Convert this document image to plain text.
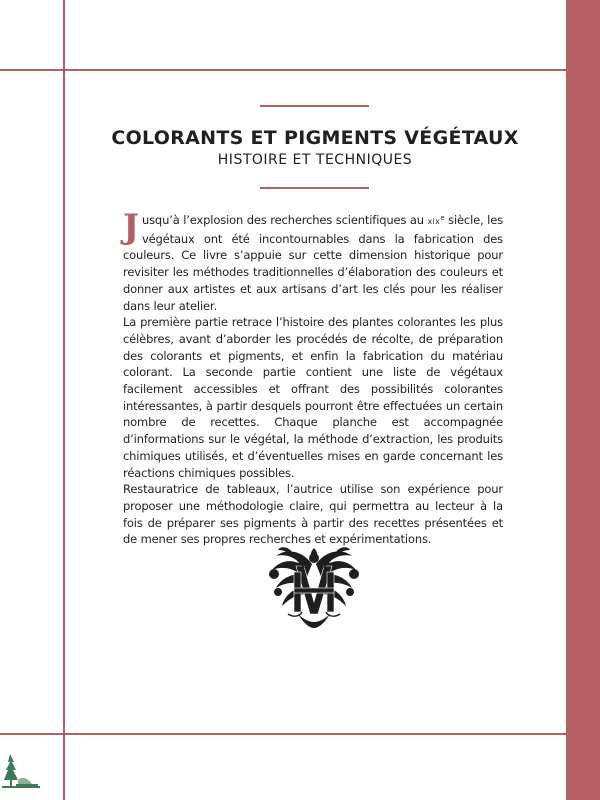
COLORANTS ET PIGMENTS VÉGÉTAUX
HISTOIRE ET TECHNIQUES

Jusqu’à l’explosion des recherches scientifiques au xix$^e$ siècle, les végétaux ont été incontournables dans la fabrication des couleurs. Ce livre s’appuie sur cette dimension historique pour revisiter les méthodes traditionnelles d’élaboration des couleurs et donner aux artistes et aux artisans d’art les clés pour les réaliser dans leur atelier.

La première partie retrace l’histoire des plantes colorantes les plus célèbres, avant d’aborder les procédés de récolte, de préparation des colorants et pigments, et enfin la fabrication du matériau colorant. La seconde partie contient une liste de végétaux facilement accessibles et offrant des possibilités colorantes intéressantes, à partir desquels pourront être effectuées un certain nombre de recettes. Chaque planche est accompagnée d’informations sur le végétal, la méthode d’extraction, les produits chimiques utilisés, et d’éventuelles mises en garde concernant les réactions chimiques possibles.

Restauratrice de tableaux, l’autrice utilise son expérience pour proposer une méthodologie claire, qui permettra au lecteur à la fois de préparer ses pigments à partir des recettes présentées et de mener ses propres recherches et expérimentations.
